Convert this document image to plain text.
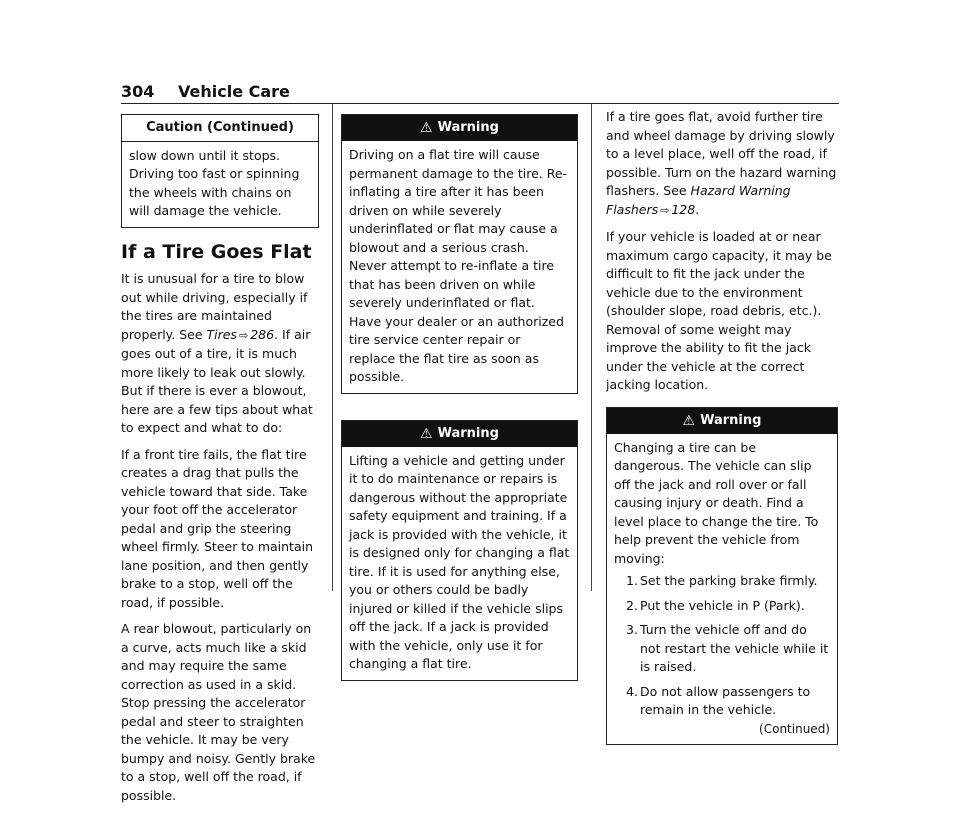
304 Vehicle Care
Caution (Continued)
slow down until it stops. Driving too fast or spinning the wheels with chains on will damage the vehicle.
If a Tire Goes Flat

It is unusual for a tire to blow out while driving, especially if the tires are maintained properly. See Tires ⇨ 286. If air goes out of a tire, it is much more likely to leak out slowly. But if there is ever a blowout, here are a few tips about what to expect and what to do:

If a front tire fails, the flat tire creates a drag that pulls the vehicle toward that side. Take your foot off the accelerator pedal and grip the steering wheel firmly. Steer to maintain lane position, and then gently brake to a stop, well off the road, if possible.

A rear blowout, particularly on a curve, acts much like a skid and may require the same correction as used in a skid. Stop pressing the accelerator pedal and steer to straighten the vehicle. It may be very bumpy and noisy. Gently brake to a stop, well off the road, if possible.

⚠ Warning
Driving on a flat tire will cause permanent damage to the tire. Re-inflating a tire after it has been driven on while severely underinflated or flat may cause a blowout and a serious crash. Never attempt to re-inflate a tire that has been driven on while severely underinflated or flat. Have your dealer or an authorized tire service center repair or replace the flat tire as soon as possible.
⚠ Warning
Lifting a vehicle and getting under it to do maintenance or repairs is dangerous without the appropriate safety equipment and training. If a jack is provided with the vehicle, it is designed only for changing a flat tire. If it is used for anything else, you or others could be badly injured or killed if the vehicle slips off the jack. If a jack is provided with the vehicle, only use it for changing a flat tire.

If a tire goes flat, avoid further tire and wheel damage by driving slowly to a level place, well off the road, if possible. Turn on the hazard warning flashers. See Hazard Warning Flashers ⇨ 128.

If your vehicle is loaded at or near maximum cargo capacity, it may be difficult to fit the jack under the vehicle due to the environment (shoulder slope, road debris, etc.). Removal of some weight may improve the ability to fit the jack under the vehicle at the correct jacking location.

⚠ Warning
Changing a tire can be dangerous. The vehicle can slip off the jack and roll over or fall causing injury or death. Find a level place to change the tire. To help prevent the vehicle from moving:
1. Set the parking brake firmly.
2. Put the vehicle in P (Park).
3. Turn the vehicle off and do not restart the vehicle while it is raised.
4. Do not allow passengers to remain in the vehicle.
(Continued)
